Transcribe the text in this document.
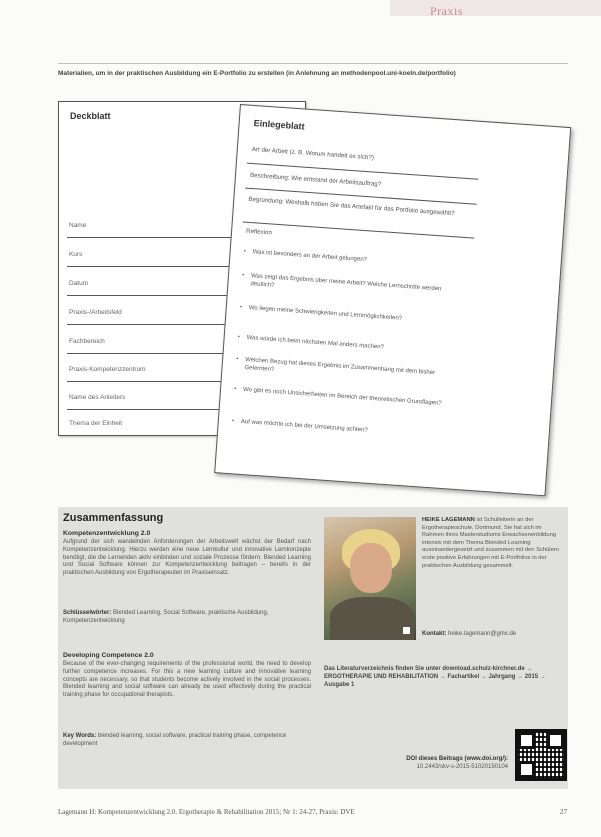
Praxis
Materialien, um in der praktischen Ausbildung ein E-Portfolio zu erstellen (in Anlehnung an methodenpool.uni-koeln.de/portfolio)
Deckblatt
Name
Kurs
Datum
Praxis-/Arbeitsfeld
Fachbereich
Praxis-Kompetenzzentrum
Name des Anleiters
Thema der Einheit
Einlegeblatt
Art der Arbeit (z. B. Worum handelt es sich?)
Beschreibung: Wie entstand der Arbeitsauftrag?
Begründung: Weshalb haben Sie das Artefakt für das Portfolio ausgewählt?
Reflexion
• Was ist besonders an der Arbeit gelungen?
• Was zeigt das Ergebnis über meine Arbeit? Welche Lernschritte werden deutlich?
• Wo liegen meine Schwierigkeiten und Lernmöglichkeiten?
• Was würde ich beim nächsten Mal anders machen?
• Welchen Bezug hat dieses Ergebnis im Zusammenhang mit dem bisher Gelernten?
• Wo gibt es noch Unsicherheiten im Bereich der theoretischen Grundlagen?
• Auf was möchte ich bei der Umsetzung achten?
Zusammenfassung
Kompetenzentwicklung 2.0
Aufgrund der sich wandelnden Anforderungen der Arbeitswelt wächst der Bedarf nach Kompetenzentwicklung. Hierzu werden eine neue Lernkultur und innovative Lernkonzepte benötigt, die die Lernenden aktiv einbinden und soziale Prozesse fördern. Blended Learning und Social Software können zur Kompetenzentwicklung beitragen – bereits in der praktischen Ausbildung von Ergotherapeuten im Praxiseinsatz.
Schlüsselwörter: Blended Learning, Social Software, praktische Ausbildung, Kompetenzentwicklung
Developing Competence 2.0
Because of the ever-changing requirements of the professional world, the need to develop further competence increases. For this a new learning culture and innovative learning concepts are necessary, so that students become actively involved in the social processes. Blended learning and social software can already be used effectively during the practical training phase for occupational therapists.
Key Words: blended learning, social software, practical training phase, competence development
HEIKE LAGEMANN ist Schulleiterin an der Ergotherapieschule, Dortmund. Sie hat sich im Rahmen ihres Masterstudiums Erwachsenenbildung intensiv mit dem Thema Blended Learning auseinandergesetzt und zusammen mit den Schülern erste positive Erfahrungen mit E-Portfolios in der praktischen Ausbildung gesammelt.
Kontakt: heike.lagemann@gmx.de
Das Literaturverzeichnis finden Sie unter download.schulz-kirchner.de → ERGOTHERAPIE UND REHABILITATION → Fachartikel → Jahrgang → 2015 → Ausgabe 1
DOI dieses Beitrags (www.doi.org/):
10.2443/skv-s-2015-51020150104
Lagemann H: Kompetenzentwicklung 2.0. Ergotherapie & Rehabilitation 2015; Nr 1: 24-27, Praxis: DVE	27
